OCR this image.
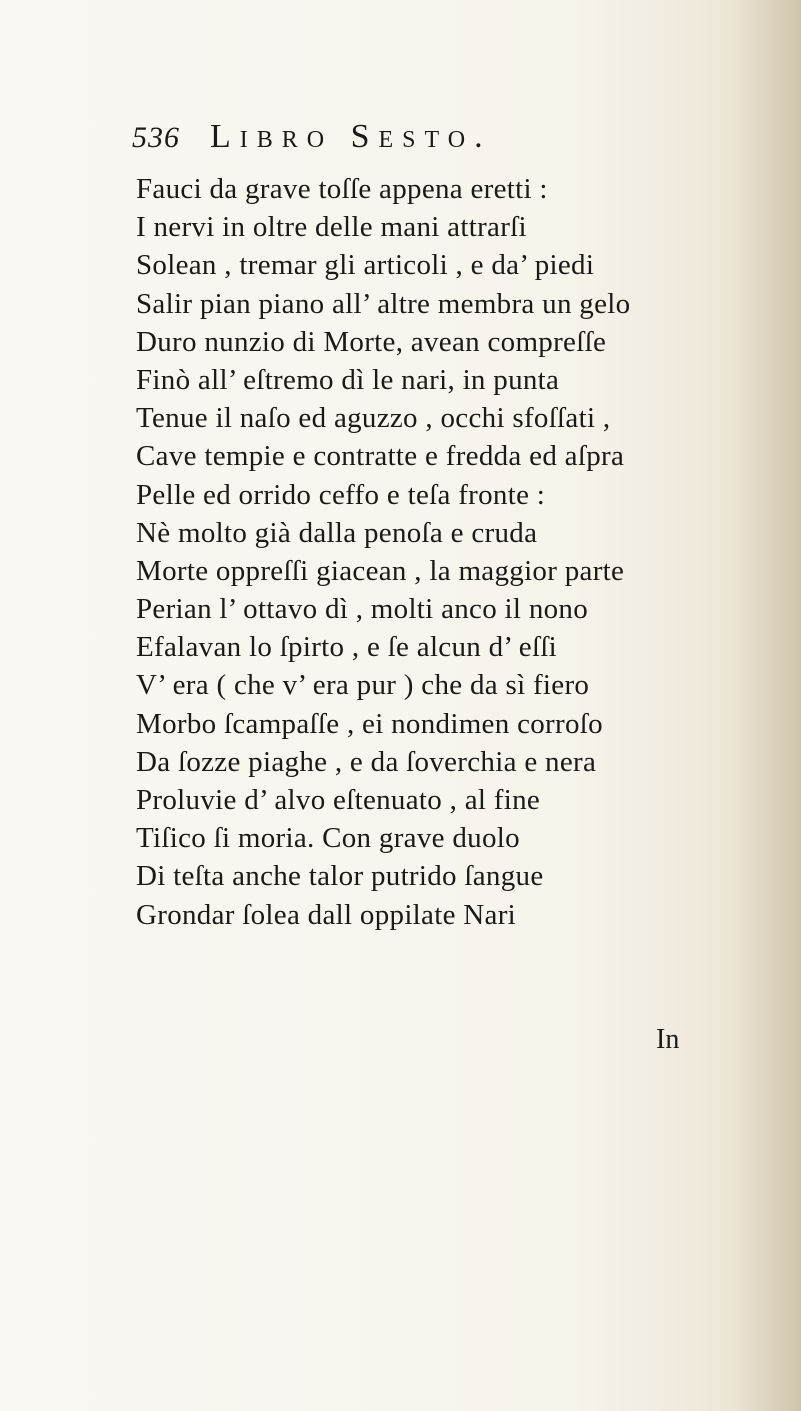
536 Libro Sesto.
Fauci da grave toſſe appena eretti :
I nervi in oltre delle mani attrarſi
Solean , tremar gli articoli , e da’ piedi
Salir pian piano all’ altre membra un gelo
Duro nunzio di Morte, avean compreſſe
Finò all’ eſtremo dì le nari, in punta
Tenue il naſo ed aguzzo , occhi sfoſſati ,
Cave tempie e contratte e fredda ed aſpra
Pelle ed orrido ceffo e teſa fronte :
Nè molto già dalla penoſa e cruda
Morte oppreſſi giacean , la maggior parte
Perian l’ ottavo dì , molti anco il nono
Efalavan lo ſpirto , e ſe alcun d’ eſſi
V’ era ( che v’ era pur ) che da sì fiero
Morbo ſcampaſſe , ei nondimen corroſo
Da ſozze piaghe , e da ſoverchia e nera
Proluvie d’ alvo eſtenuato , al fine
Tiſico ſi moria. Con grave duolo
Di teſta anche talor putrido ſangue
Grondar ſolea dall oppilate Nari
In
